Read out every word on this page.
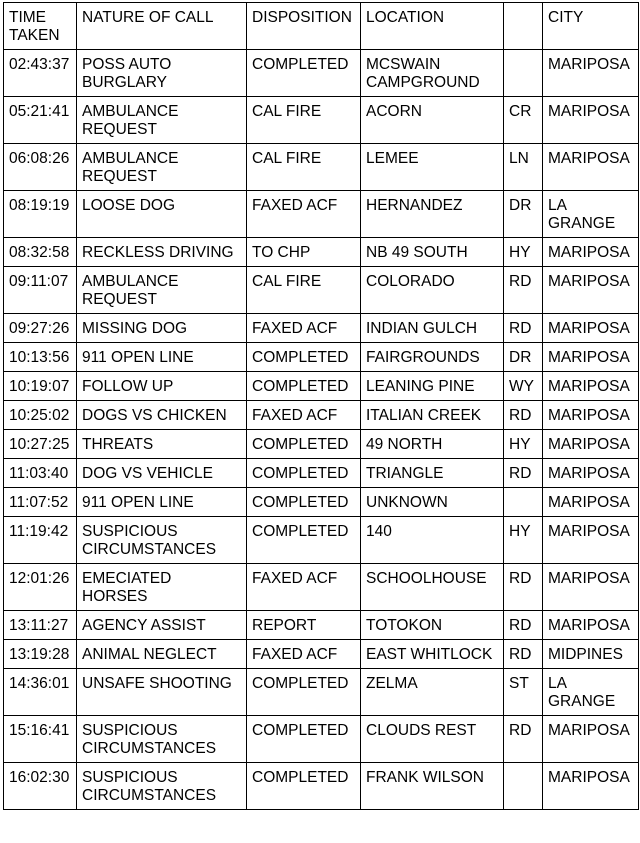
TIME TAKEN	NATURE OF CALL	DISPOSITION	LOCATION		CITY
02:43:37	POSS AUTO BURGLARY	COMPLETED	MCSWAIN CAMPGROUND		MARIPOSA
05:21:41	AMBULANCE REQUEST	CAL FIRE	ACORN	CR	MARIPOSA
06:08:26	AMBULANCE REQUEST	CAL FIRE	LEMEE	LN	MARIPOSA
08:19:19	LOOSE DOG	FAXED ACF	HERNANDEZ	DR	LA GRANGE
08:32:58	RECKLESS DRIVING	TO CHP	NB 49 SOUTH	HY	MARIPOSA
09:11:07	AMBULANCE REQUEST	CAL FIRE	COLORADO	RD	MARIPOSA
09:27:26	MISSING DOG	FAXED ACF	INDIAN GULCH	RD	MARIPOSA
10:13:56	911 OPEN LINE	COMPLETED	FAIRGROUNDS	DR	MARIPOSA
10:19:07	FOLLOW UP	COMPLETED	LEANING PINE	WY	MARIPOSA
10:25:02	DOGS VS CHICKEN	FAXED ACF	ITALIAN CREEK	RD	MARIPOSA
10:27:25	THREATS	COMPLETED	49 NORTH	HY	MARIPOSA
11:03:40	DOG VS VEHICLE	COMPLETED	TRIANGLE	RD	MARIPOSA
11:07:52	911 OPEN LINE	COMPLETED	UNKNOWN		MARIPOSA
11:19:42	SUSPICIOUS CIRCUMSTANCES	COMPLETED	140	HY	MARIPOSA
12:01:26	EMECIATED HORSES	FAXED ACF	SCHOOLHOUSE	RD	MARIPOSA
13:11:27	AGENCY ASSIST	REPORT	TOTOKON	RD	MARIPOSA
13:19:28	ANIMAL NEGLECT	FAXED ACF	EAST WHITLOCK	RD	MIDPINES
14:36:01	UNSAFE SHOOTING	COMPLETED	ZELMA	ST	LA GRANGE
15:16:41	SUSPICIOUS CIRCUMSTANCES	COMPLETED	CLOUDS REST	RD	MARIPOSA
16:02:30	SUSPICIOUS CIRCUMSTANCES	COMPLETED	FRANK WILSON		MARIPOSA
